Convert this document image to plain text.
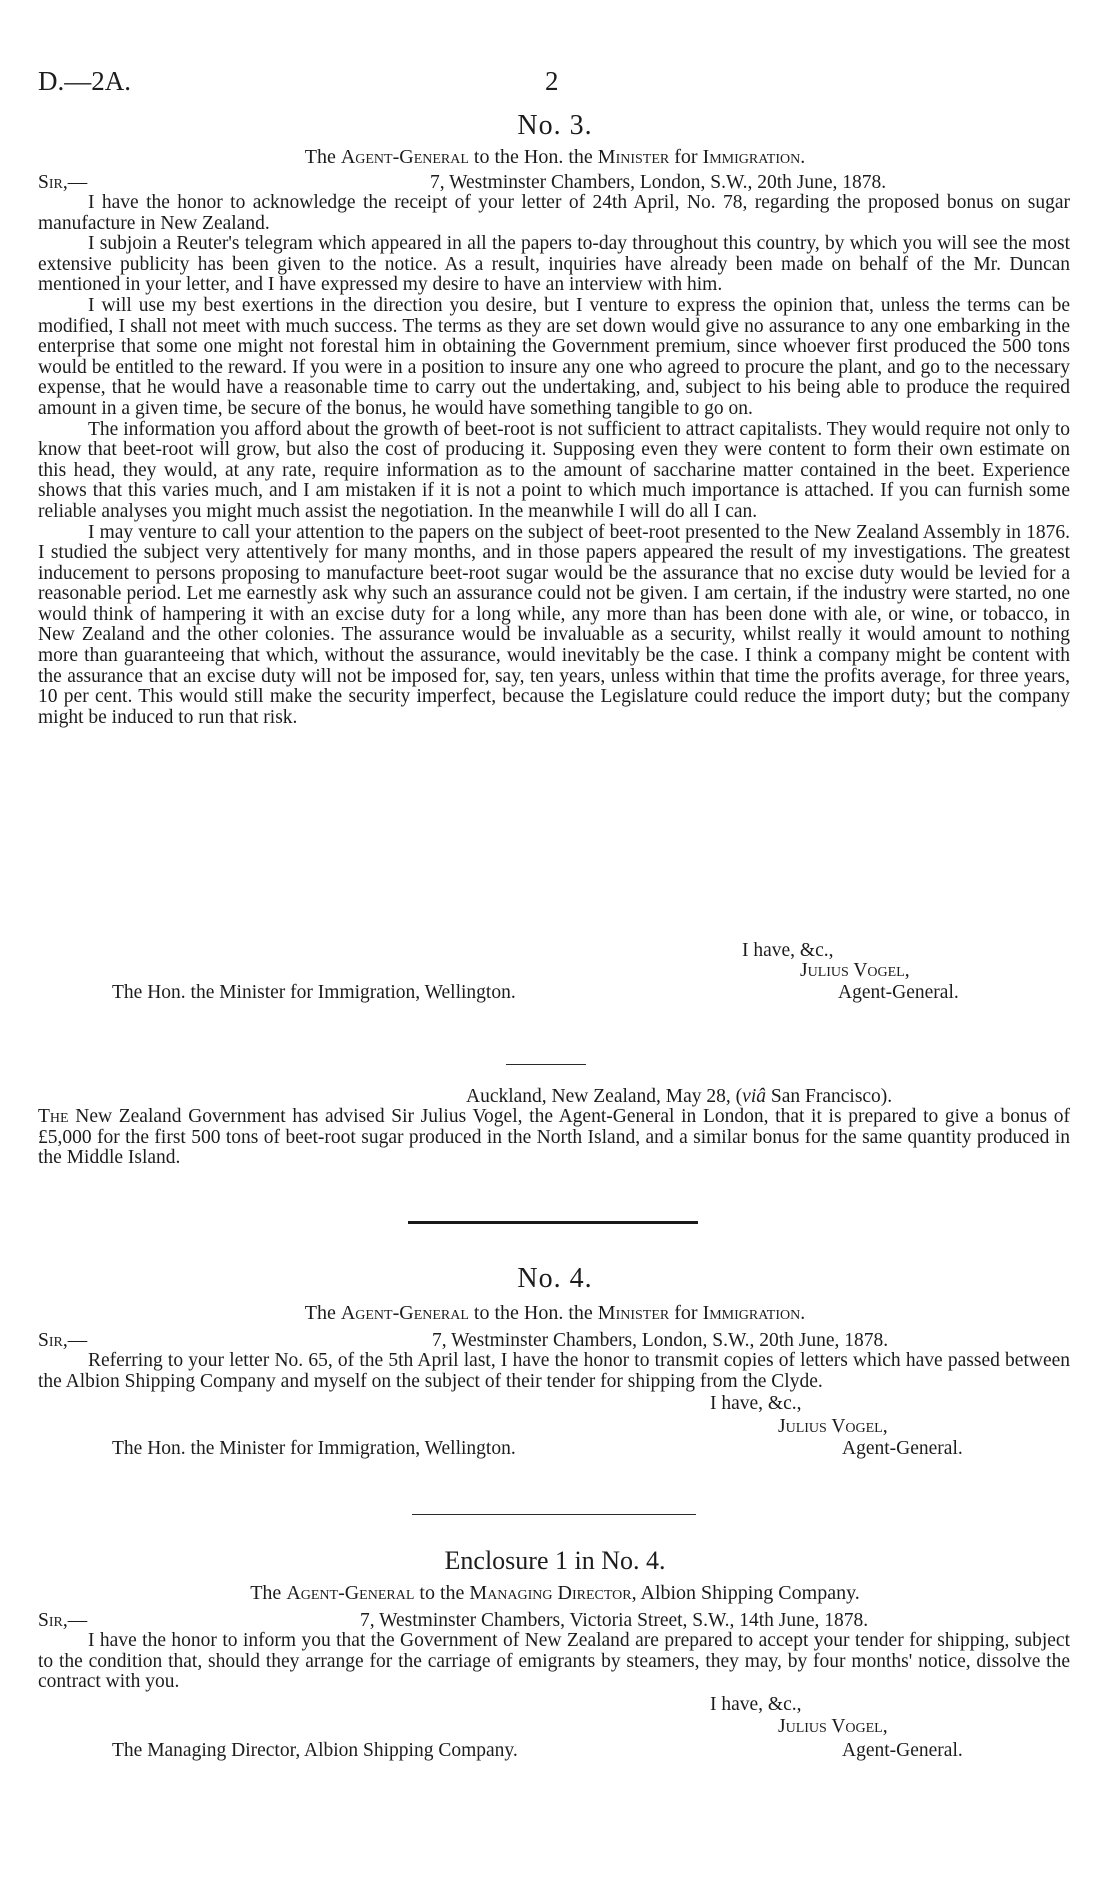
D.—2A.	2
No. 3.
The Agent-General to the Hon. the Minister for Immigration.
Sir,—	7, Westminster Chambers, London, S.W., 20th June, 1878.

I have the honor to acknowledge the receipt of your letter of 24th April, No. 78, regarding the proposed bonus on sugar manufacture in New Zealand.

I subjoin a Reuter's telegram which appeared in all the papers to-day throughout this country, by which you will see the most extensive publicity has been given to the notice. As a result, inquiries have already been made on behalf of the Mr. Duncan mentioned in your letter, and I have expressed my desire to have an interview with him.

I will use my best exertions in the direction you desire, but I venture to express the opinion that, unless the terms can be modified, I shall not meet with much success. The terms as they are set down would give no assurance to any one embarking in the enterprise that some one might not forestal him in obtaining the Government premium, since whoever first produced the 500 tons would be entitled to the reward. If you were in a position to insure any one who agreed to procure the plant, and go to the necessary expense, that he would have a reasonable time to carry out the undertaking, and, subject to his being able to produce the required amount in a given time, be secure of the bonus, he would have something tangible to go on.

The information you afford about the growth of beet-root is not sufficient to attract capitalists. They would require not only to know that beet-root will grow, but also the cost of producing it. Supposing even they were content to form their own estimate on this head, they would, at any rate, require information as to the amount of saccharine matter contained in the beet. Experience shows that this varies much, and I am mistaken if it is not a point to which much importance is attached. If you can furnish some reliable analyses you might much assist the negotiation. In the meanwhile I will do all I can.

I may venture to call your attention to the papers on the subject of beet-root presented to the New Zealand Assembly in 1876. I studied the subject very attentively for many months, and in those papers appeared the result of my investigations. The greatest inducement to persons proposing to manufacture beet-root sugar would be the assurance that no excise duty would be levied for a reasonable period. Let me earnestly ask why such an assurance could not be given. I am certain, if the industry were started, no one would think of hampering it with an excise duty for a long while, any more than has been done with ale, or wine, or tobacco, in New Zealand and the other colonies. The assurance would be invaluable as a security, whilst really it would amount to nothing more than guaranteeing that which, without the assurance, would inevitably be the case. I think a company might be content with the assurance that an excise duty will not be imposed for, say, ten years, unless within that time the profits average, for three years, 10 per cent. This would still make the security imperfect, because the Legislature could reduce the import duty; but the company might be induced to run that risk.

I have, &c.,
Julius Vogel,
The Hon. the Minister for Immigration, Wellington.	Agent-General.
Auckland, New Zealand, May 28, (viâ San Francisco).

The New Zealand Government has advised Sir Julius Vogel, the Agent-General in London, that it is prepared to give a bonus of £5,000 for the first 500 tons of beet-root sugar produced in the North Island, and a similar bonus for the same quantity produced in the Middle Island.

No. 4.
The Agent-General to the Hon. the Minister for Immigration.
Sir,—	7, Westminster Chambers, London, S.W., 20th June, 1878.

Referring to your letter No. 65, of the 5th April last, I have the honor to transmit copies of letters which have passed between the Albion Shipping Company and myself on the subject of their tender for shipping from the Clyde.

I have, &c.,
Julius Vogel,
The Hon. the Minister for Immigration, Wellington.	Agent-General.
Enclosure 1 in No. 4.
The Agent-General to the Managing Director, Albion Shipping Company.
Sir,—	7, Westminster Chambers, Victoria Street, S.W., 14th June, 1878.

I have the honor to inform you that the Government of New Zealand are prepared to accept your tender for shipping, subject to the condition that, should they arrange for the carriage of emigrants by steamers, they may, by four months' notice, dissolve the contract with you.

I have, &c.,
Julius Vogel,
The Managing Director, Albion Shipping Company.	Agent-General.
